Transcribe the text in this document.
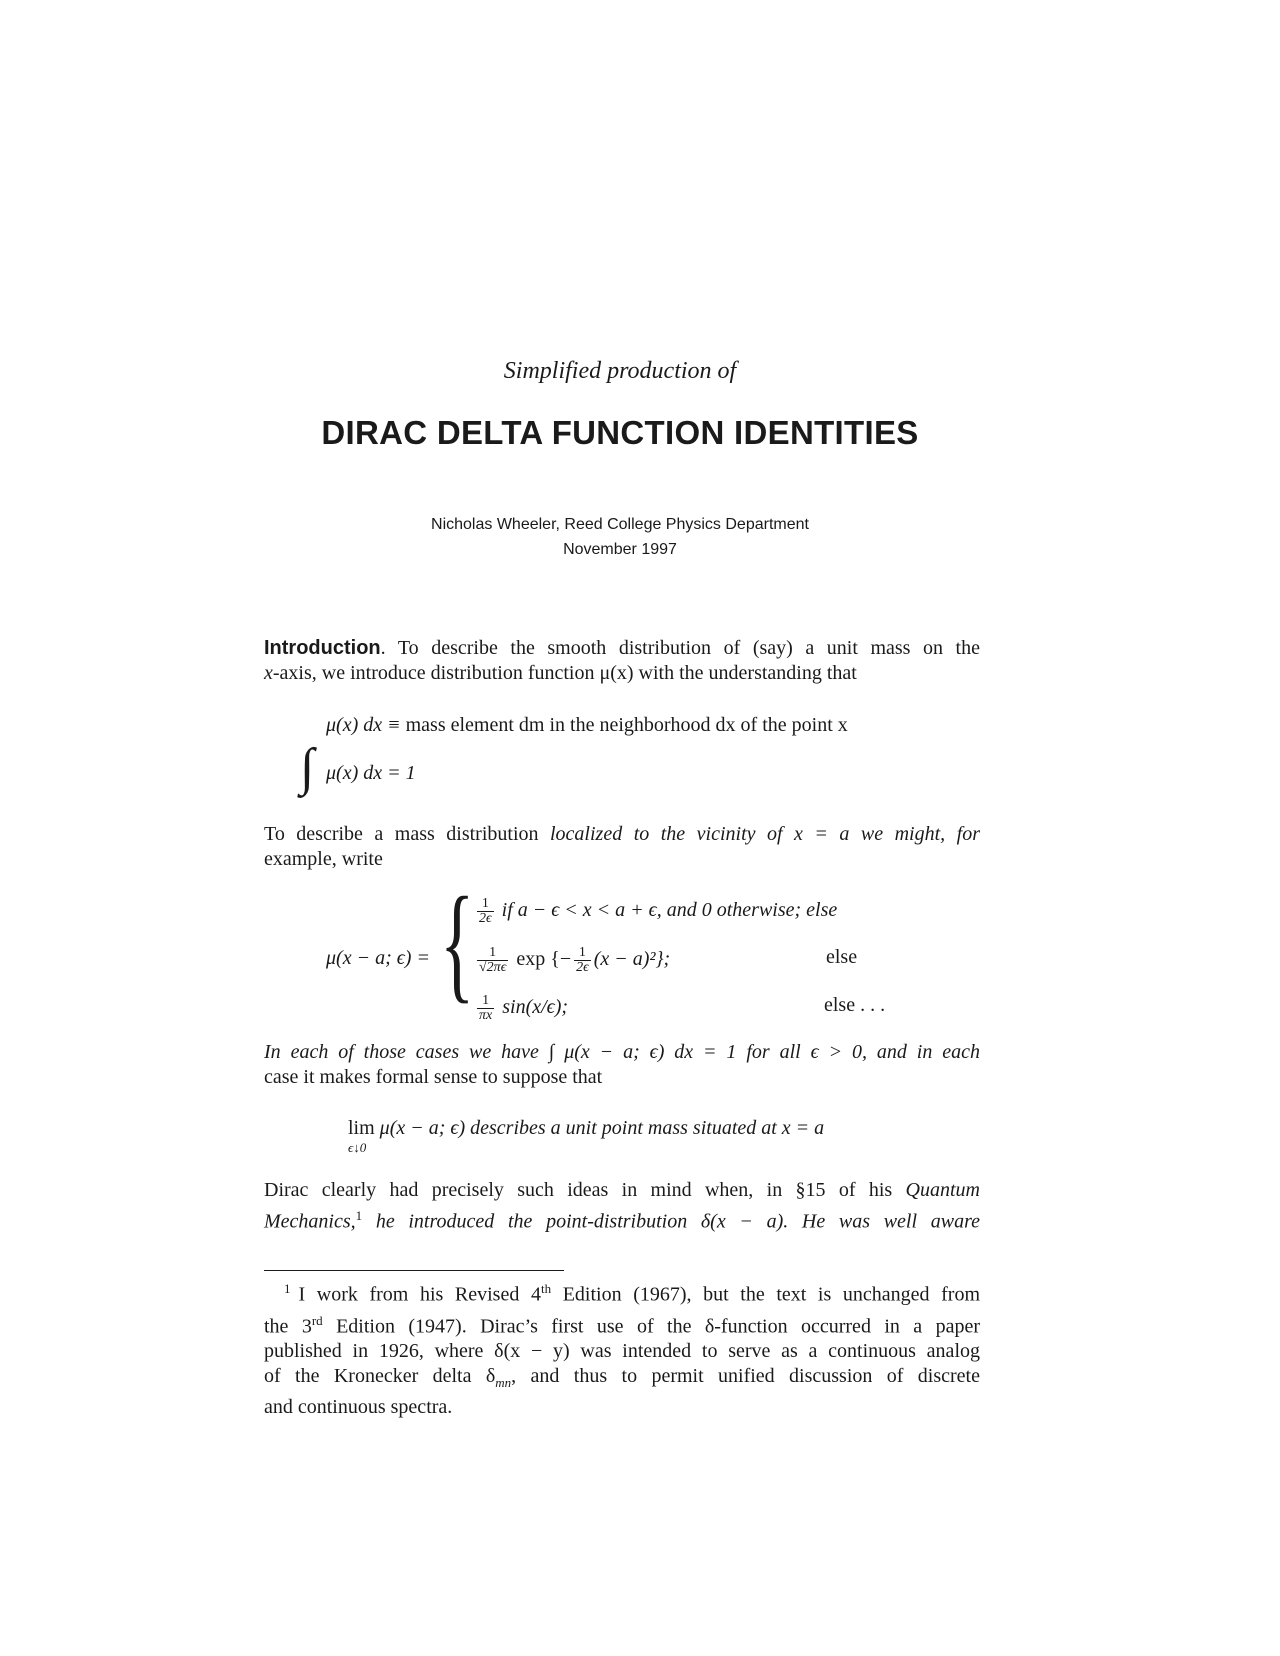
Simplified production of
DIRAC DELTA FUNCTION IDENTITIES
Nicholas Wheeler, Reed College Physics Department
November 1997
Introduction. To describe the smooth distribution of (say) a unit mass on the
x-axis, we introduce distribution function μ(x) with the understanding that
μ(x) dx ≡ mass element dm in the neighborhood dx of the point x
∫ μ(x) dx = 1
To describe a mass distribution localized to the vicinity of x = a we might, for
example, write
μ(x − a; ϵ) = { $\frac{1}{2\epsilon}$ if a − ϵ < x < a + ϵ, and 0 otherwise; else
$\frac{1}{√2\pi\epsilon}$ exp {− $\frac{1}{2\epsilon} (x - a)^2$};	else
$\frac{1}{\pi x} \sin(x/\epsilon)$;	else . . .
In each of those cases we have ∫ μ(x − a; ϵ) dx = 1 for all ϵ > 0, and in each
case it makes formal sense to suppose that
lim μ(x − a; ϵ) describes a unit point mass situated at x = a
ϵ↓0
Dirac clearly had precisely such ideas in mind when, in §15 of his Quantum
Mechanics,$^1$ he introduced the point-distribution δ(x − a). He was well aware
$^1$ I work from his Revised 4th Edition (1967), but the text is unchanged from
the 3rd Edition (1947). Dirac’s first use of the δ-function occurred in a paper
published in 1926, where δ(x − y) was intended to serve as a continuous analog
of the Kronecker delta $\delta_{mn}$, and thus to permit unified discussion of discrete
and continuous spectra.
